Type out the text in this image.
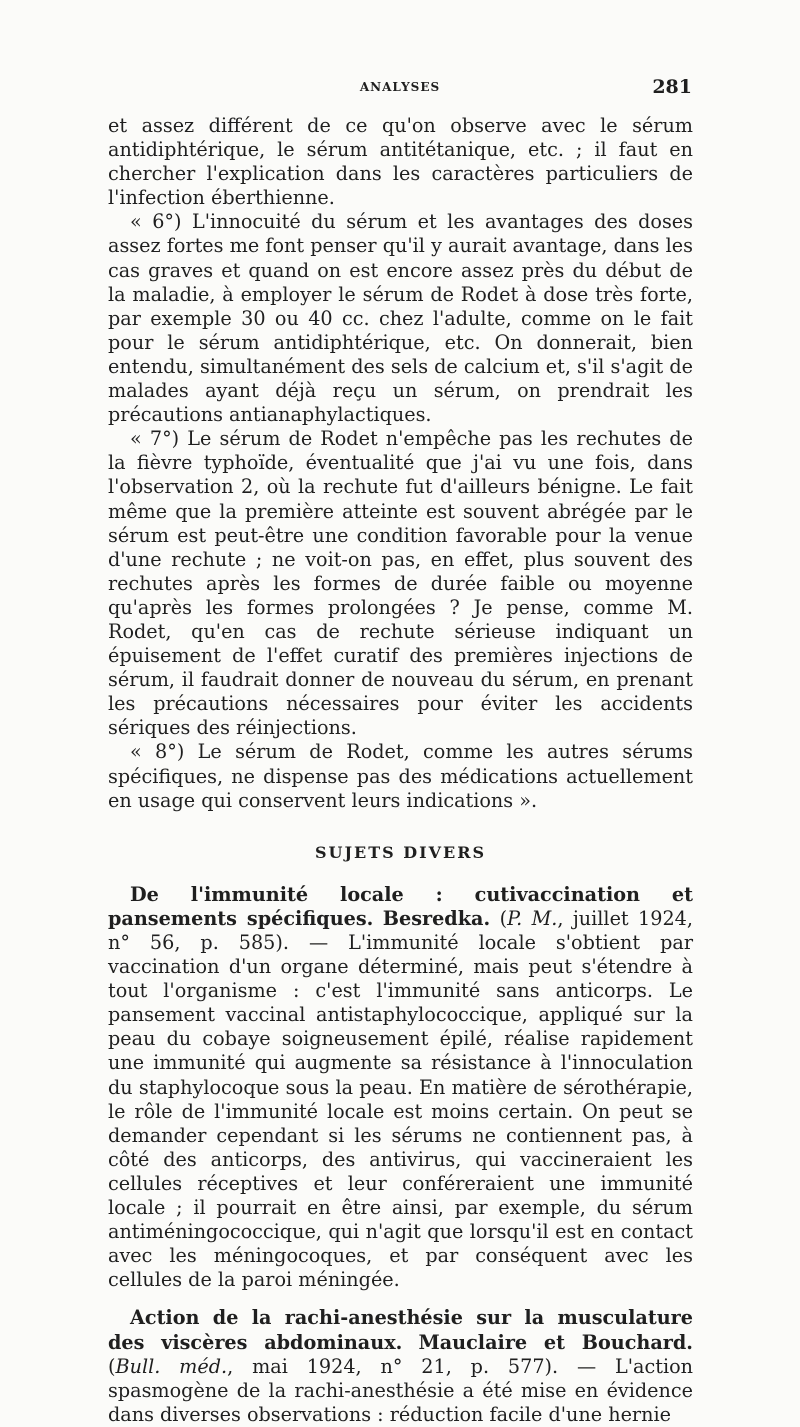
ANALYSES	281

et assez différent de ce qu'on observe avec le sérum antidiphtérique, le sérum antitétanique, etc. ; il faut en chercher l'explication dans les caractères particuliers de l'infection éberthienne.

« 6°) L'innocuité du sérum et les avantages des doses assez fortes me font penser qu'il y aurait avantage, dans les cas graves et quand on est encore assez près du début de la maladie, à employer le sérum de Rodet à dose très forte, par exemple 30 ou 40 cc. chez l'adulte, comme on le fait pour le sérum antidiphtérique, etc. On donnerait, bien entendu, simultanément des sels de calcium et, s'il s'agit de malades ayant déjà reçu un sérum, on prendrait les précautions antianaphylactiques.

« 7°) Le sérum de Rodet n'empêche pas les rechutes de la fièvre typhoïde, éventualité que j'ai vu une fois, dans l'observation 2, où la rechute fut d'ailleurs bénigne. Le fait même que la première atteinte est souvent abrégée par le sérum est peut-être une condition favorable pour la venue d'une rechute ; ne voit-on pas, en effet, plus souvent des rechutes après les formes de durée faible ou moyenne qu'après les formes prolongées ? Je pense, comme M. Rodet, qu'en cas de rechute sérieuse indiquant un épuisement de l'effet curatif des premières injections de sérum, il faudrait donner de nouveau du sérum, en prenant les précautions nécessaires pour éviter les accidents sériques des réinjections.

« 8°) Le sérum de Rodet, comme les autres sérums spécifiques, ne dispense pas des médications actuellement en usage qui conservent leurs indications ».

SUJETS DIVERS

De l'immunité locale : cutivaccination et pansements spécifiques. Besredka. (P. M., juillet 1924, n° 56, p. 585). — L'immunité locale s'obtient par vaccination d'un organe déterminé, mais peut s'étendre à tout l'organisme : c'est l'immunité sans anticorps. Le pansement vaccinal antistaphylococcique, appliqué sur la peau du cobaye soigneusement épilé, réalise rapidement une immunité qui augmente sa résistance à l'innoculation du staphylocoque sous la peau. En matière de sérothérapie, le rôle de l'immunité locale est moins certain. On peut se demander cependant si les sérums ne contiennent pas, à côté des anticorps, des antivirus, qui vaccineraient les cellules réceptives et leur conféreraient une immunité locale ; il pourrait en être ainsi, par exemple, du sérum antiméningococcique, qui n'agit que lorsqu'il est en contact avec les méningocoques, et par conséquent avec les cellules de la paroi méningée.

Action de la rachi-anesthésie sur la musculature des viscères abdominaux. Mauclaire et Bouchard. (Bull. méd., mai 1924, n° 21, p. 577). — L'action spasmogène de la rachi-anesthésie a été mise en évidence dans diverses observations : réduction facile d'une hernie
